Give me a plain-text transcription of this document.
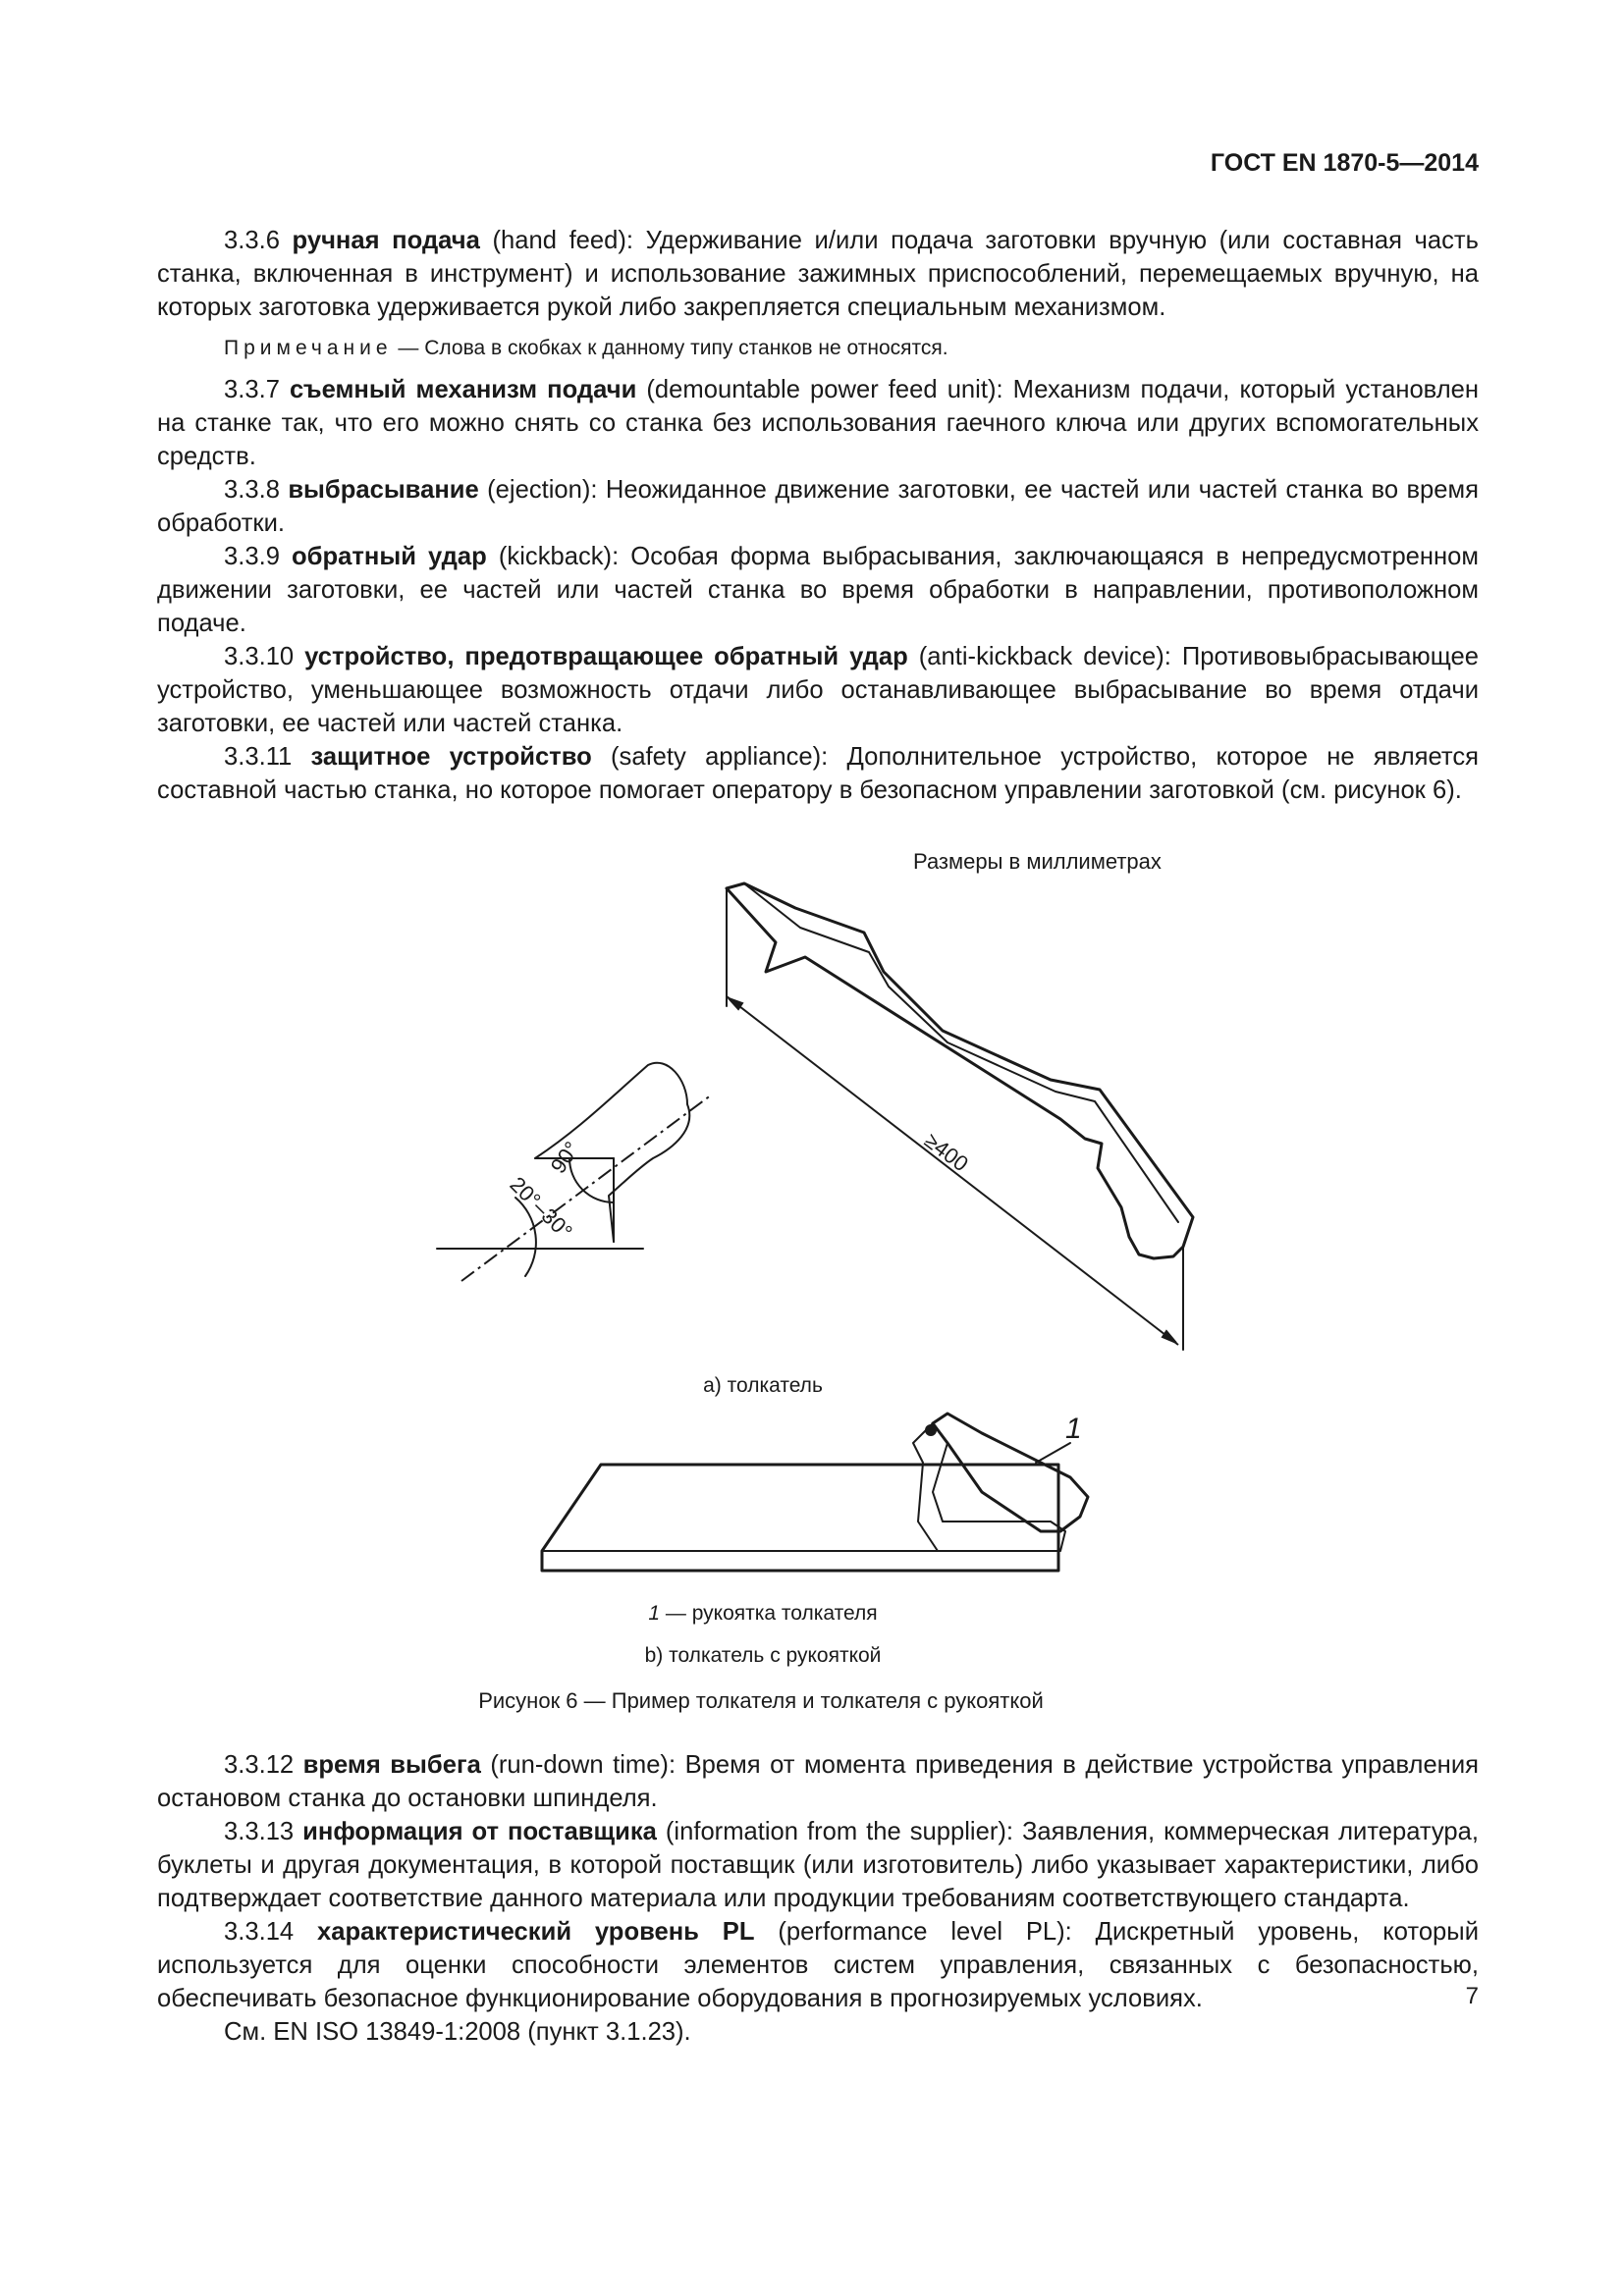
ГОСТ EN 1870-5—2014

3.3.6 ручная подача (hand feed): Удерживание и/или подача заготовки вручную (или составная часть станка, включенная в инструмент) и использование зажимных приспособлений, перемещаемых вручную, на которых заготовка удерживается рукой либо закрепляется специальным механизмом.

Примечание — Слова в скобках к данному типу станков не относятся.

3.3.7 съемный механизм подачи (demountable power feed unit): Механизм подачи, который установлен на станке так, что его можно снять со станка без использования гаечного ключа или других вспомогательных средств.

3.3.8 выбрасывание (ejection): Неожиданное движение заготовки, ее частей или частей станка во время обработки.

3.3.9 обратный удар (kickback): Особая форма выбрасывания, заключающаяся в непредусмотренном движении заготовки, ее частей или частей станка во время обработки в направлении, противоположном подаче.

3.3.10 устройство, предотвращающее обратный удар (anti-kickback device): Противовыбрасывающее устройство, уменьшающее возможность отдачи либо останавливающее выбрасывание во время отдачи заготовки, ее частей или частей станка.

3.3.11 защитное устройство (safety appliance): Дополнительное устройство, которое не является составной частью станка, но которое помогает оператору в безопасном управлении заготовкой (см. рисунок 6).

Размеры в миллиметрах
≥400
90°
20°–30°
1
а) толкатель
1 — рукоятка толкателя
b) толкатель с рукояткой
Рисунок 6 — Пример толкателя и толкателя с рукояткой

3.3.12 время выбега (run-down time): Время от момента приведения в действие устройства управления остановом станка до остановки шпинделя.

3.3.13 информация от поставщика (information from the supplier): Заявления, коммерческая литература, буклеты и другая документация, в которой поставщик (или изготовитель) либо указывает характеристики, либо подтверждает соответствие данного материала или продукции требованиям соответствующего стандарта.

3.3.14 характеристический уровень PL (performance level PL): Дискретный уровень, который используется для оценки способности элементов систем управления, связанных с безопасностью, обеспечивать безопасное функционирование оборудования в прогнозируемых условиях.

См. EN ISO 13849-1:2008 (пункт 3.1.23).

7
